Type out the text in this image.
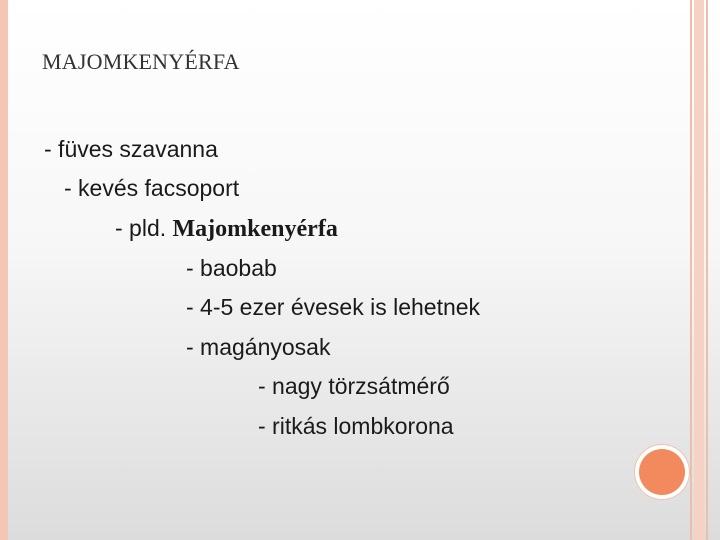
MAJOMKENYÉRFA

- füves szavanna

- kevés facsoport

- pld. Majomkenyérfa

- baobab

- 4-5 ezer évesek is lehetnek

- magányosak

- nagy törzsátmérő

- ritkás lombkorona
